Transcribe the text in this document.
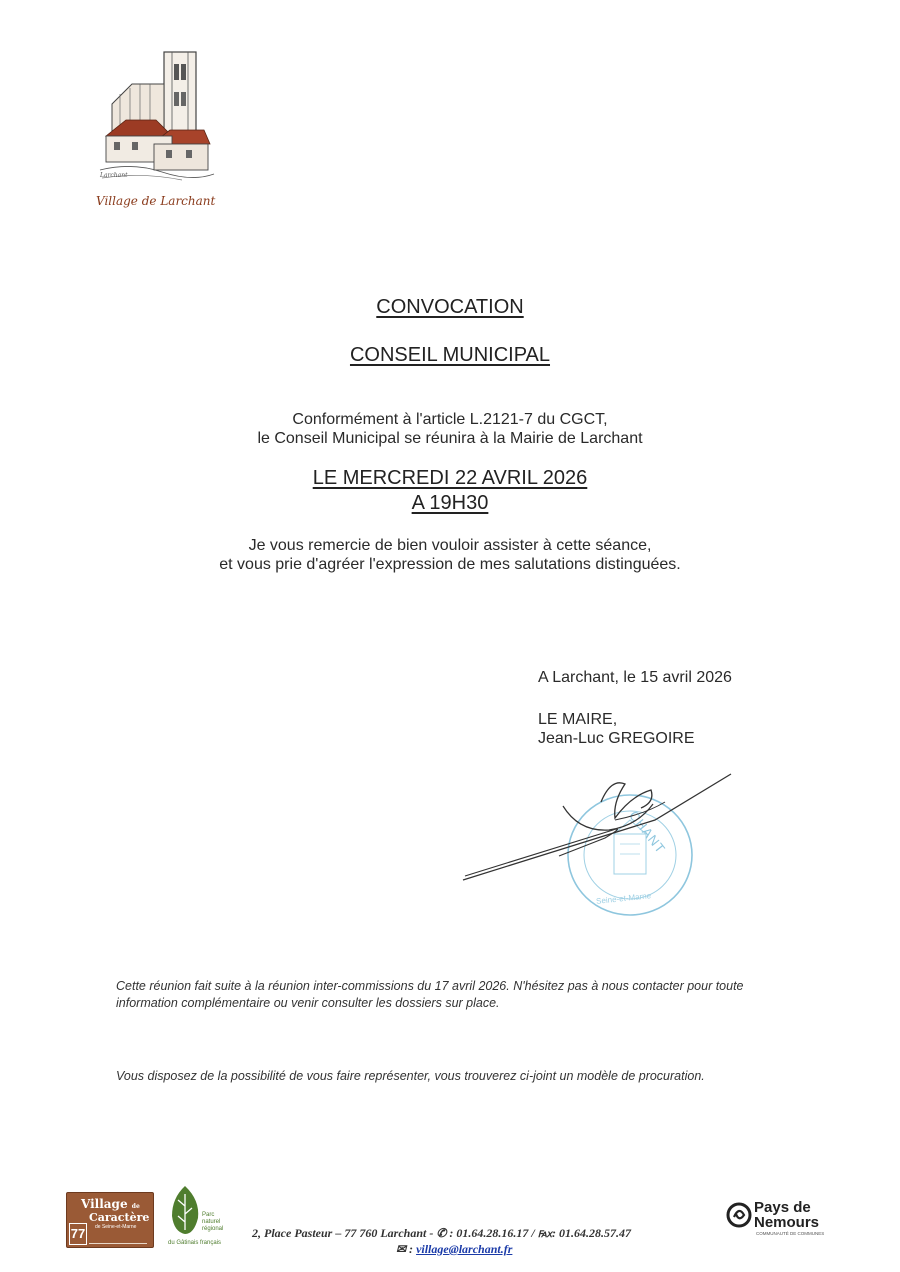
Larchant
Village de Larchant
CONVOCATION
CONSEIL MUNICIPAL
Conformément à l'article L.2121-7 du CGCT,
le Conseil Municipal se réunira à la Mairie de Larchant
LE MERCREDI 22 AVRIL 2026
A 19H30
Je vous remercie de bien vouloir assister à cette séance,
et vous prie d'agréer l'expression de mes salutations distinguées.
A Larchant, le 15 avril 2026
LE MAIRE,
Jean-Luc GREGOIRE
CHANT
Seine-et-Marne
Cette réunion fait suite à la réunion inter-commissions du 17 avril 2026. N'hésitez pas à nous contacter pour toute information complémentaire ou venir consulter les dossiers sur place.
Vous disposez de la possibilité de vous faire représenter, vous trouverez ci-joint un modèle de procuration.
Village de
Caractère
de Seine-et-Marne
77
Parc
naturel
régional
du Gâtinais français
2, Place Pasteur – 77 760 Larchant - ✆ : 01.64.28.16.17 / ℻: 01.64.28.57.47
✉ : village@larchant.fr
Pays de
Nemours
COMMUNAUTÉ DE COMMUNES
